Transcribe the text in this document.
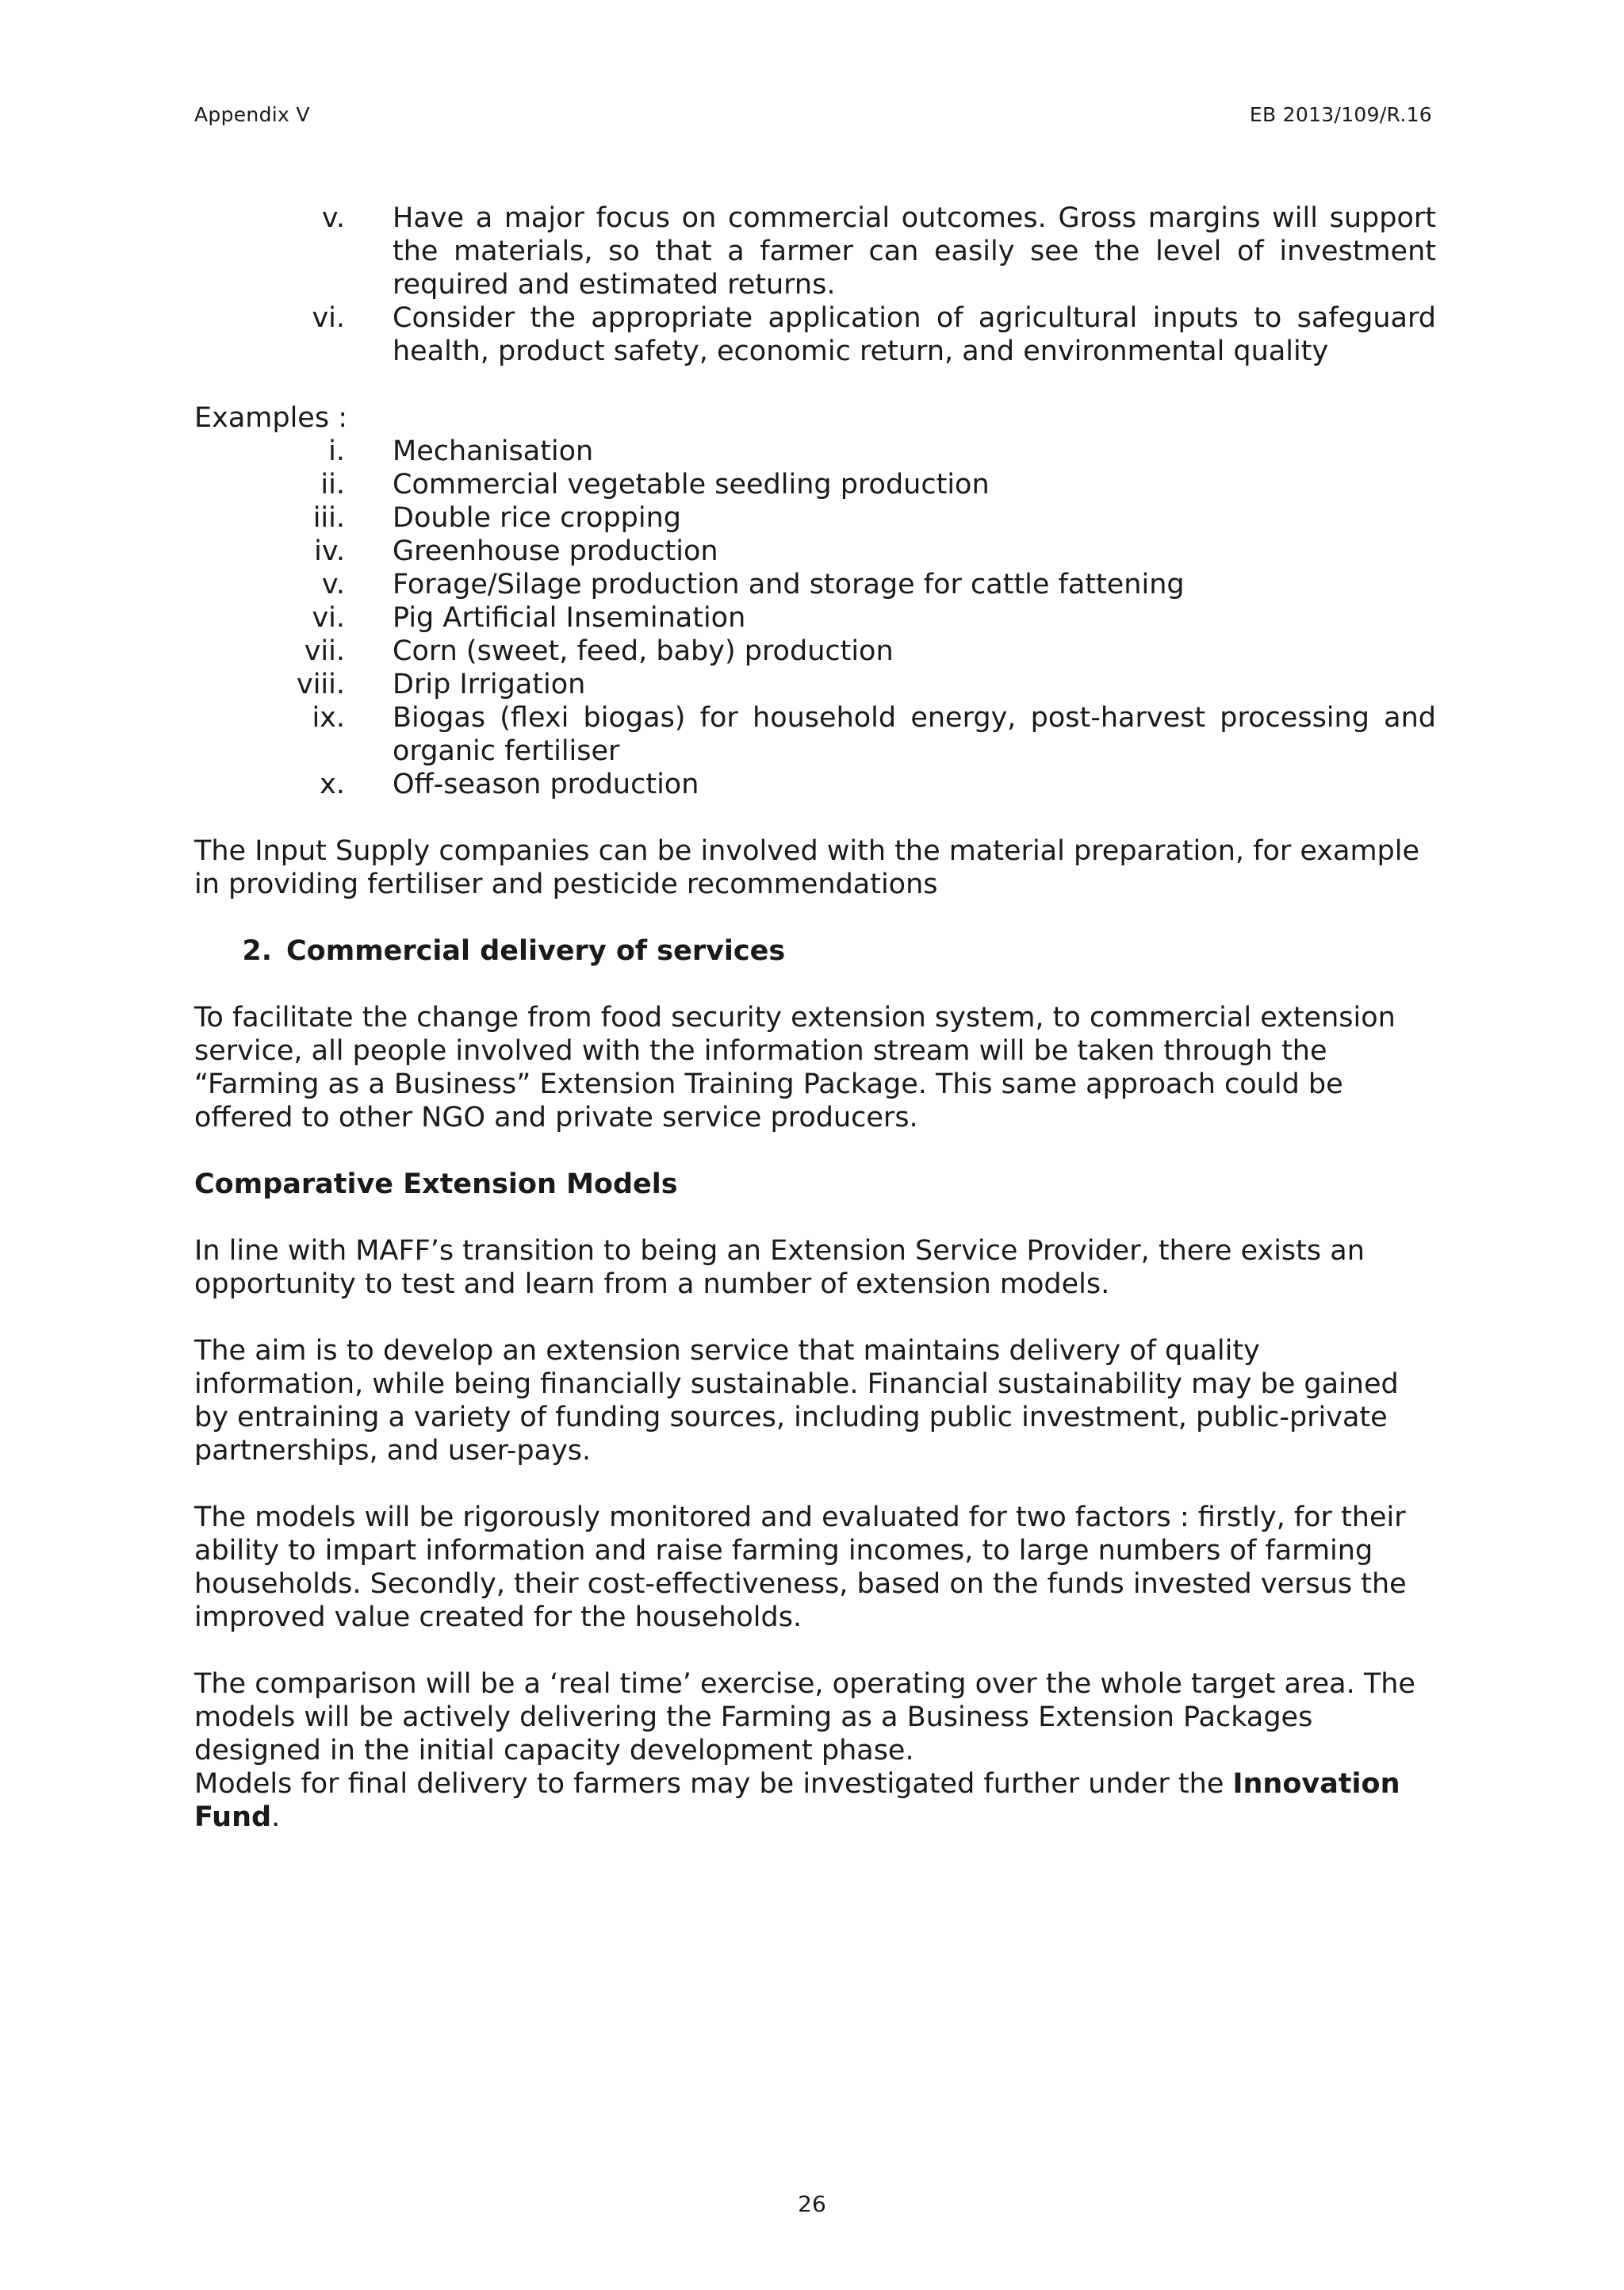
Appendix V	EB 2013/109/R.16
v. Have a major focus on commercial outcomes. Gross margins will support the materials, so that a farmer can easily see the level of investment required and estimated returns.
vi. Consider the appropriate application of agricultural inputs to safeguard health, product safety, economic return, and environmental quality
Examples :
i. Mechanisation
ii. Commercial vegetable seedling production
iii. Double rice cropping
iv. Greenhouse production
v. Forage/Silage production and storage for cattle fattening
vi. Pig Artificial Insemination
vii. Corn (sweet, feed, baby) production
viii. Drip Irrigation
ix. Biogas (flexi biogas) for household energy, post-harvest processing and organic fertiliser
x. Off-season production

The Input Supply companies can be involved with the material preparation, for example in providing fertiliser and pesticide recommendations

2. Commercial delivery of services

To facilitate the change from food security extension system, to commercial extension service, all people involved with the information stream will be taken through the “Farming as a Business” Extension Training Package. This same approach could be offered to other NGO and private service producers.

Comparative Extension Models

In line with MAFF’s transition to being an Extension Service Provider, there exists an opportunity to test and learn from a number of extension models.

The aim is to develop an extension service that maintains delivery of quality information, while being financially sustainable. Financial sustainability may be gained by entraining a variety of funding sources, including public investment, public-private partnerships, and user-pays.

The models will be rigorously monitored and evaluated for two factors : firstly, for their ability to impart information and raise farming incomes, to large numbers of farming households. Secondly, their cost-effectiveness, based on the funds invested versus the improved value created for the households.

The comparison will be a ‘real time’ exercise, operating over the whole target area. The models will be actively delivering the Farming as a Business Extension Packages designed in the initial capacity development phase.

Models for final delivery to farmers may be investigated further under the Innovation Fund.

26
